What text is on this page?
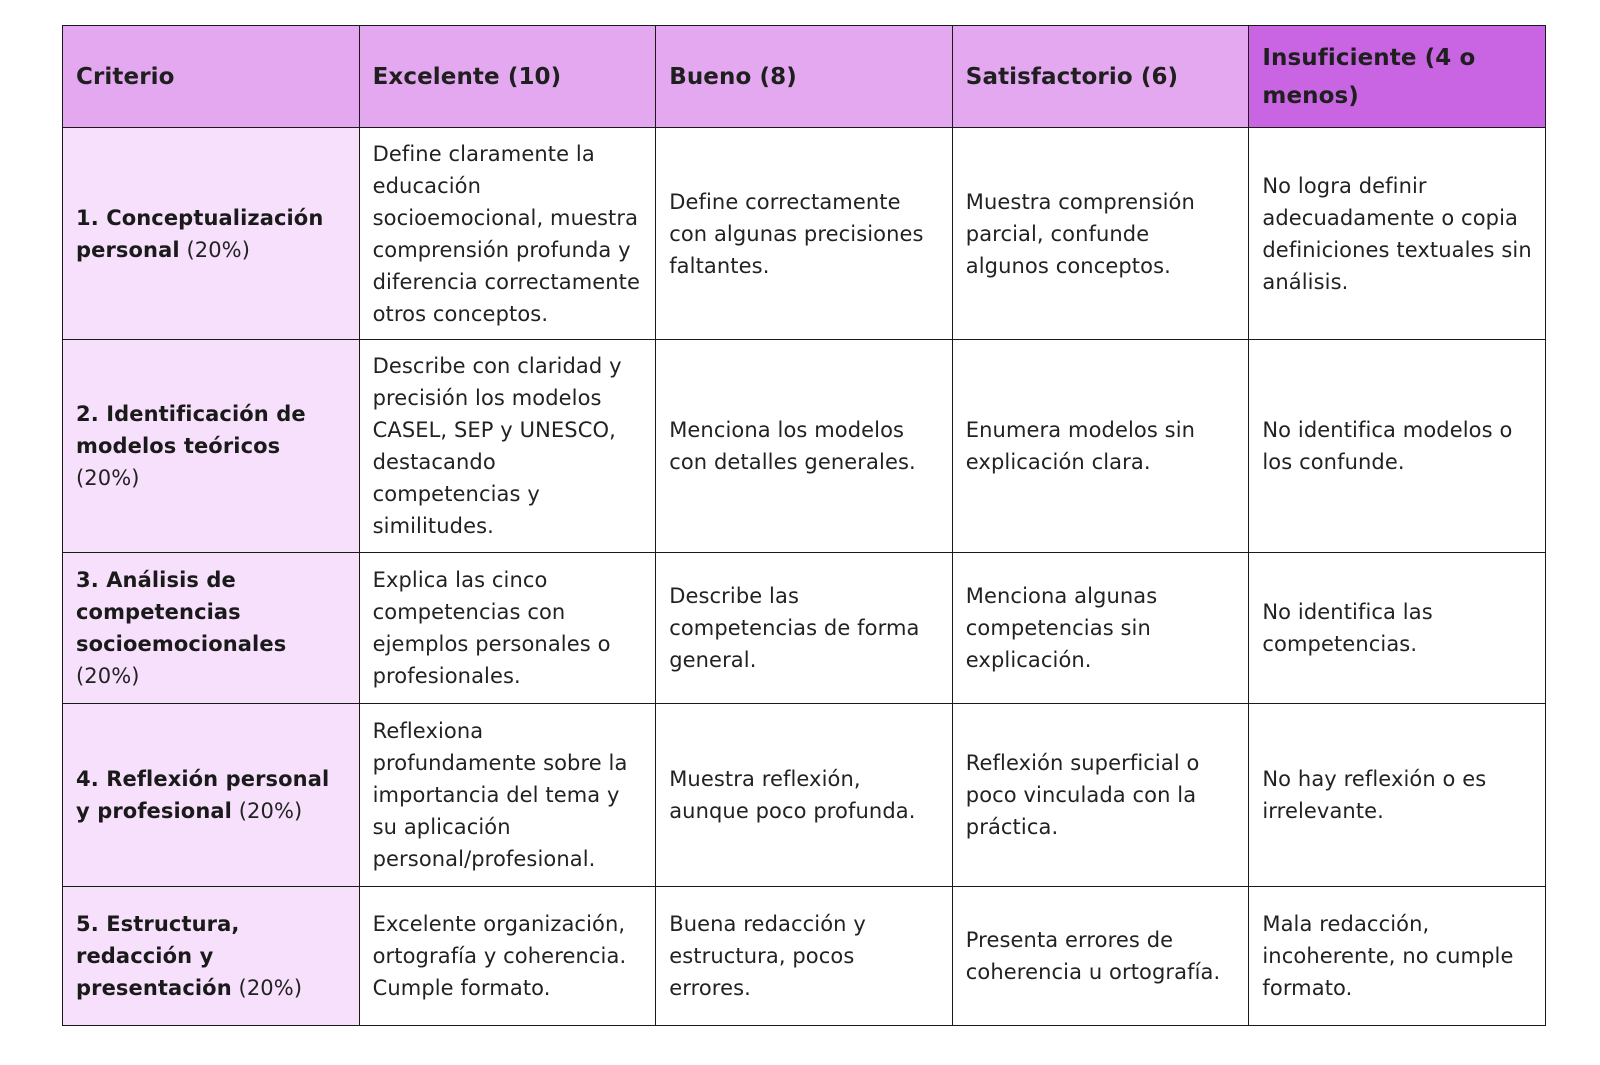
Criterio	Excelente (10)	Bueno (8)	Satisfactorio (6)	Insuficiente (4 o menos)
1. Conceptualización personal (20%)	Define claramente la educación socioemocional, muestra comprensión profunda y diferencia correctamente otros conceptos.	Define correctamente con algunas precisiones faltantes.	Muestra comprensión parcial, confunde algunos conceptos.	No logra definir adecuadamente o copia definiciones textuales sin análisis.
2. Identificación de modelos teóricos (20%)	Describe con claridad y precisión los modelos CASEL, SEP y UNESCO, destacando competencias y similitudes.	Menciona los modelos con detalles generales.	Enumera modelos sin explicación clara.	No identifica modelos o los confunde.
3. Análisis de competencias socioemocionales (20%)	Explica las cinco competencias con ejemplos personales o profesionales.	Describe las competencias de forma general.	Menciona algunas competencias sin explicación.	No identifica las competencias.
4. Reflexión personal y profesional (20%)	Reflexiona profundamente sobre la importancia del tema y su aplicación personal/profesional.	Muestra reflexión, aunque poco profunda.	Reflexión superficial o poco vinculada con la práctica.	No hay reflexión o es irrelevante.
5. Estructura, redacción y presentación (20%)	Excelente organización, ortografía y coherencia. Cumple formato.	Buena redacción y estructura, pocos errores.	Presenta errores de coherencia u ortografía.	Mala redacción, incoherente, no cumple formato.
